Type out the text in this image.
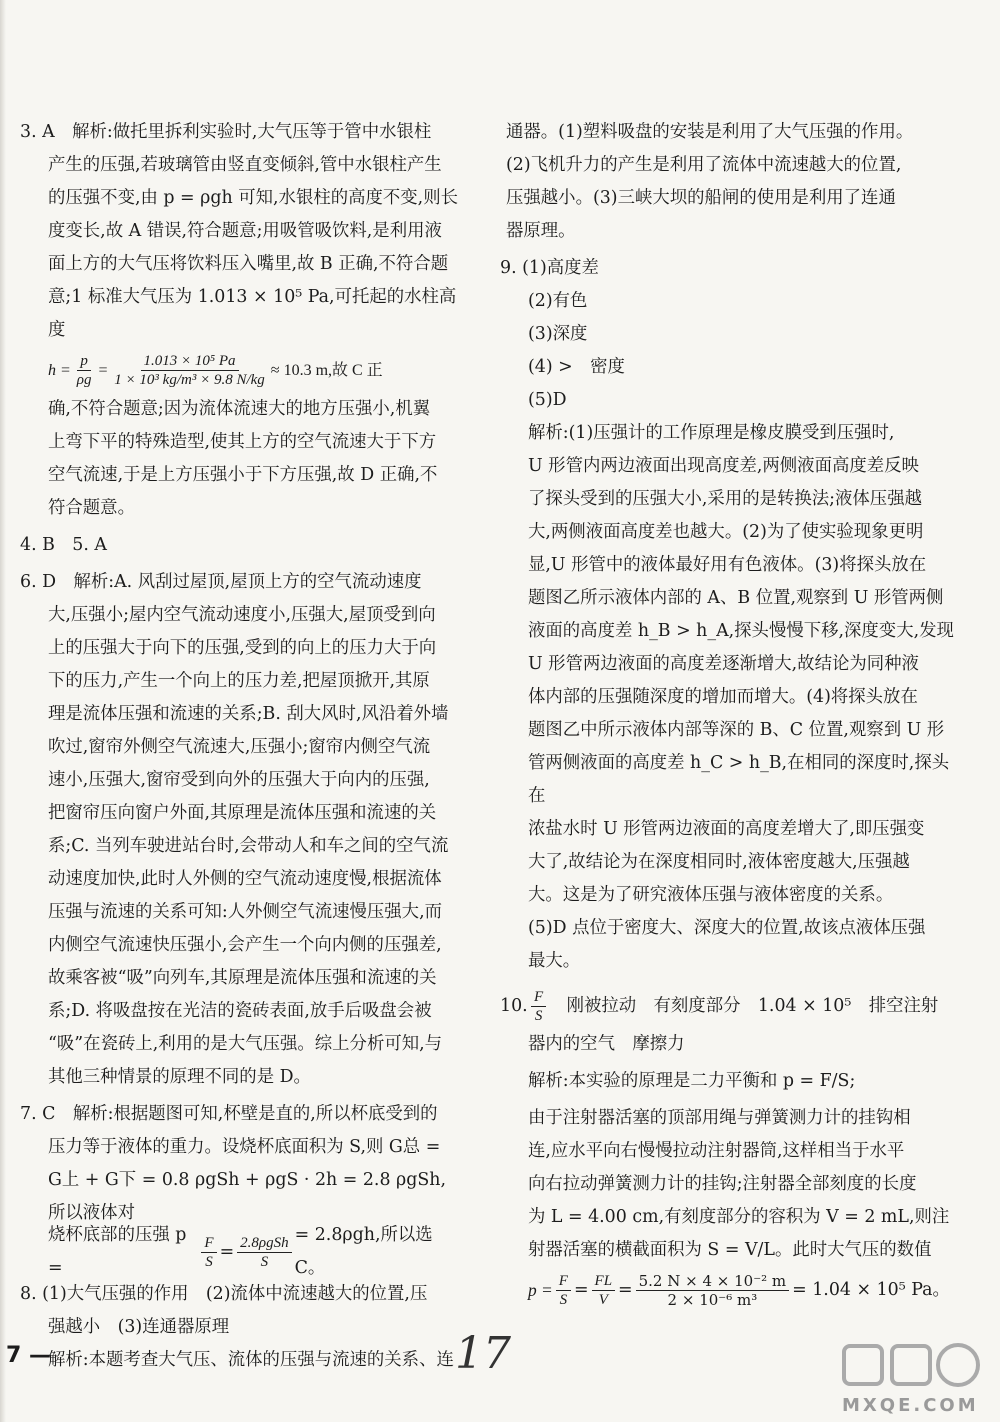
3. A　解析:做托里拆利实验时,大气压等于管中水银柱
产生的压强,若玻璃管由竖直变倾斜,管中水银柱产生
的压强不变,由 p = ρgh 可知,水银柱的高度不变,则长
度变长,故 A 错误,符合题意;用吸管吸饮料,是利用液
面上方的大气压将饮料压入嘴里,故 B 正确,不符合题
意;1 标准大气压为 1.013 × 10⁵ Pa,可托起的水柱高度
$h = \frac{p}{\rho g} = \frac{\text{1.013 × 10⁵ Pa}}{\text{1 × 10³ kg/m³ × 9.8 N/kg}} \approx 10.3$ m,故 C 正
确,不符合题意;因为流体流速大的地方压强小,机翼
上弯下平的特殊造型,使其上方的空气流速大于下方
空气流速,于是上方压强小于下方压强,故 D 正确,不
符合题意。
4. B　5. A
6. D　解析:A. 风刮过屋顶,屋顶上方的空气流动速度
大,压强小;屋内空气流动速度小,压强大,屋顶受到向
上的压强大于向下的压强,受到的向上的压力大于向
下的压力,产生一个向上的压力差,把屋顶掀开,其原
理是流体压强和流速的关系;B. 刮大风时,风沿着外墙
吹过,窗帘外侧空气流速大,压强小;窗帘内侧空气流
速小,压强大,窗帘受到向外的压强大于向内的压强,
把窗帘压向窗户外面,其原理是流体压强和流速的关
系;C. 当列车驶进站台时,会带动人和车之间的空气流
动速度加快,此时人外侧的空气流动速度慢,根据流体
压强与流速的关系可知:人外侧空气流速慢压强大,而
内侧空气流速快压强小,会产生一个向内侧的压强差,
故乘客被“吸”向列车,其原理是流体压强和流速的关
系;D. 将吸盘按在光洁的瓷砖表面,放手后吸盘会被
“吸”在瓷砖上,利用的是大气压强。综上分析可知,与
其他三种情景的原理不同的是 D。
7. C　解析:根据题图可知,杯壁是直的,所以杯底受到的
压力等于液体的重力。设烧杯底面积为 S,则 G总 =
G上 + G下 = 0.8 ρgSh + ρgS · 2h = 2.8 ρgSh,所以液体对
烧杯底部的压强 p =	$\frac{F}{S} = \frac{\text{2.8ρgSh}}{S} = 2.8\rho gh$,所以选 C。
8. (1)大气压强的作用　(2)流体中流速越大的位置,压
强越小　(3)连通器原理
解析:本题考查大气压、流体的压强与流速的关系、连
通器。(1)塑料吸盘的安装是利用了大气压强的作用。
(2)飞机升力的产生是利用了流体中流速越大的位置,
压强越小。(3)三峡大坝的船闸的使用是利用了连通
器原理。
9. (1)高度差
(2)有色
(3)深度
(4) >　密度
(5)D
解析:(1)压强计的工作原理是橡皮膜受到压强时,
U 形管内两边液面出现高度差,两侧液面高度差反映
了探头受到的压强大小,采用的是转换法;液体压强越
大,两侧液面高度差也越大。(2)为了使实验现象更明
显,U 形管中的液体最好用有色液体。(3)将探头放在
题图乙所示液体内部的 A、B 位置,观察到 U 形管两侧
液面的高度差 h_B > h_A,探头慢慢下移,深度变大,发现
U 形管两边液面的高度差逐渐增大,故结论为同种液
体内部的压强随深度的增加而增大。(4)将探头放在
题图乙中所示液体内部等深的 B、C 位置,观察到 U 形
管两侧液面的高度差 h_C > h_B,在相同的深度时,探头在
浓盐水时 U 形管两边液面的高度差增大了,即压强变
大了,故结论为在深度相同时,液体密度越大,压强越
大。这是为了研究液体压强与液体密度的关系。
(5)D 点位于密度大、深度大的位置,故该点液体压强
最大。
10. $\frac{F}{S}$ 　刚被拉动　有刻度部分　1.04 × 10⁵　排空注射
器内的空气　摩擦力
解析:本实验的原理是二力平衡和 p = F/S;
由于注射器活塞的顶部用绳与弹簧测力计的挂钩相
连,应水平向右慢慢拉动注射器筒,这样相当于水平
向右拉动弹簧测力计的挂钩;注射器全部刻度的长度
为 L = 4.00 cm,有刻度部分的容积为 V = 2 mL,则注
射器活塞的横截面积为 S = V/L。此时大气压的数值
$p = \frac{F}{S} = \frac{FL}{V} = \frac{\text{5.2 N × 4 × 10⁻² m}}{\text{2 × 10⁻⁶ m³}} = 1.04 \times 10^5$ Pa。
7 —	17
MXQE.COM
